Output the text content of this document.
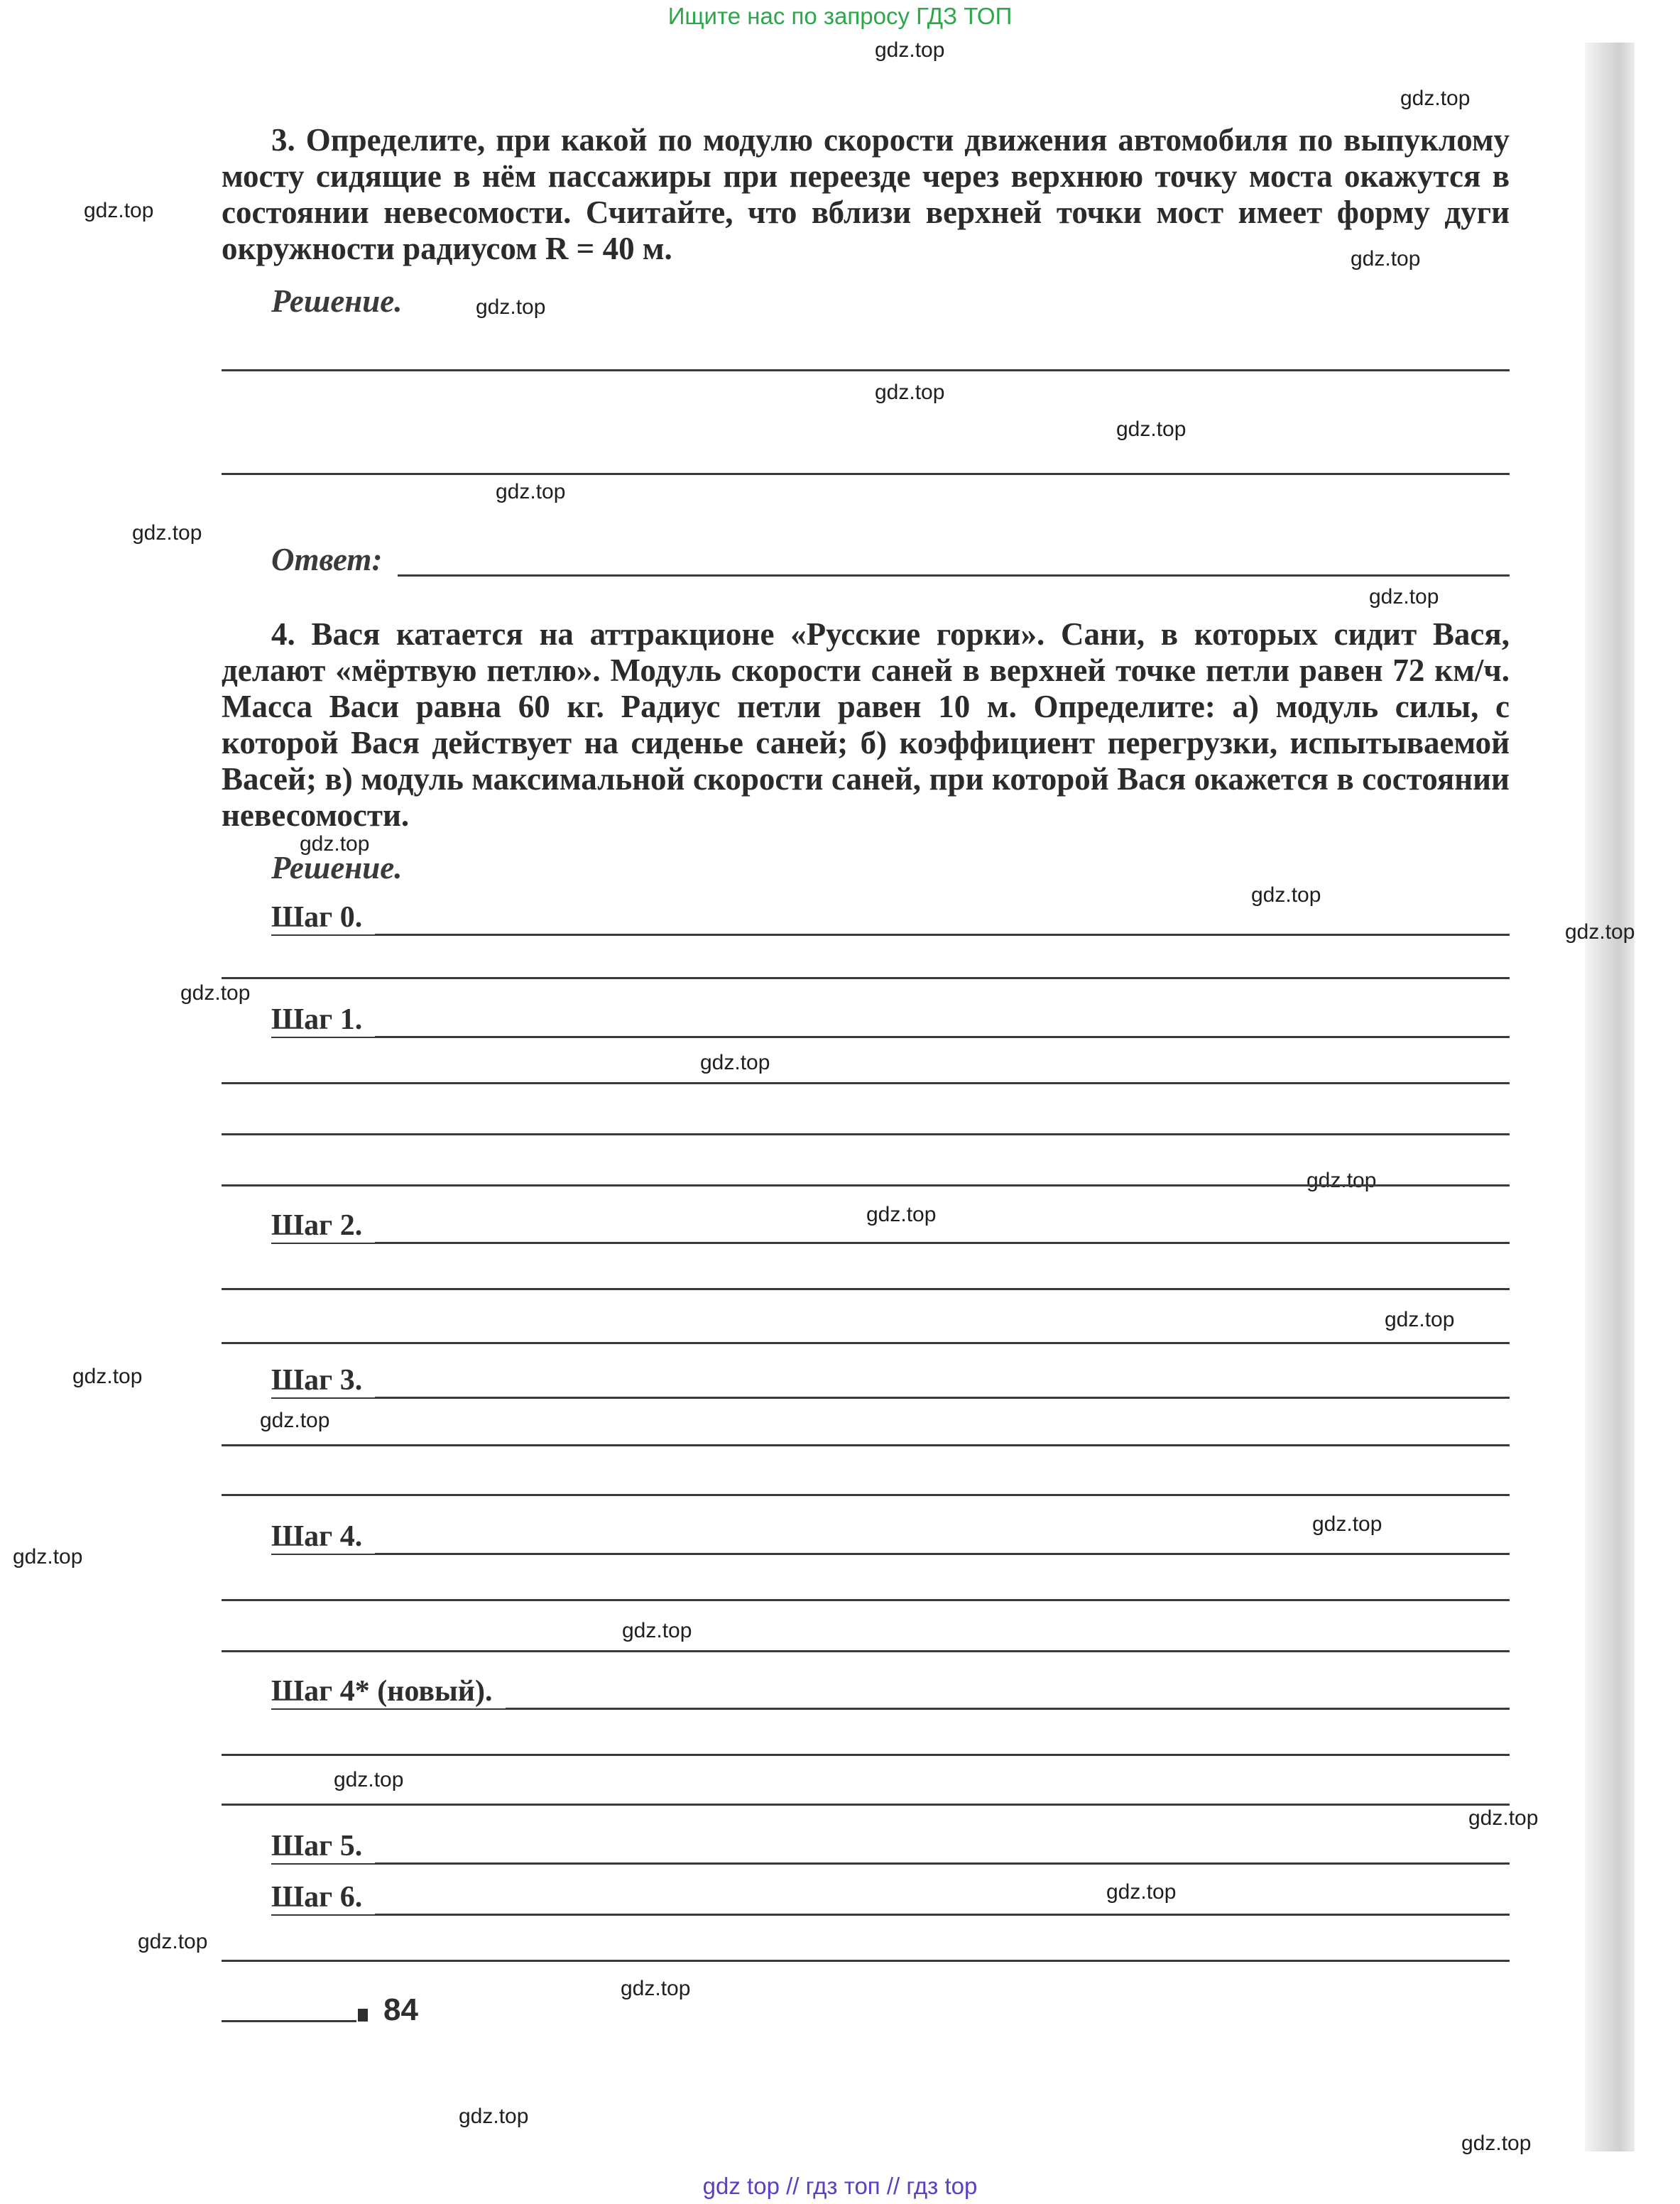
Ищите нас по запросу ГДЗ ТОП
gdz.top
gdz.top
gdz.top
gdz.top
gdz.top
gdz.top
gdz.top
gdz.top
gdz.top
gdz.top
gdz.top
gdz.top
gdz.top
gdz.top
gdz.top
gdz.top
gdz.top
gdz.top
gdz.top
gdz.top
gdz.top
gdz.top
gdz.top
gdz.top
gdz.top
gdz.top
gdz.top
gdz.top
gdz.top
gdz.top
3. Определите, при какой по модулю скорости движения автомобиля по выпуклому мосту сидящие в нём пассажиры при переезде через верхнюю точку моста окажутся в состоянии невесомости. Считайте, что вблизи верхней точки мост имеет форму дуги окружности радиусом R = 40 м.
Решение.
Ответ:
4. Вася катается на аттракционе «Русские горки». Сани, в которых сидит Вася, делают «мёртвую петлю». Модуль скорости саней в верхней точке петли равен 72 км/ч. Масса Васи равна 60 кг. Радиус петли равен 10 м. Определите: а) модуль силы, с которой Вася действует на сиденье саней; б) коэффициент перегрузки, испытываемой Васей; в) модуль максимальной скорости саней, при которой Вася окажется в состоянии невесомости.
Решение.
Шаг 0.
Шаг 1.
Шаг 2.
Шаг 3.
Шаг 4.
Шаг 4* (новый).
Шаг 5.
Шаг 6.
84
gdz top // гдз топ // гдз top
